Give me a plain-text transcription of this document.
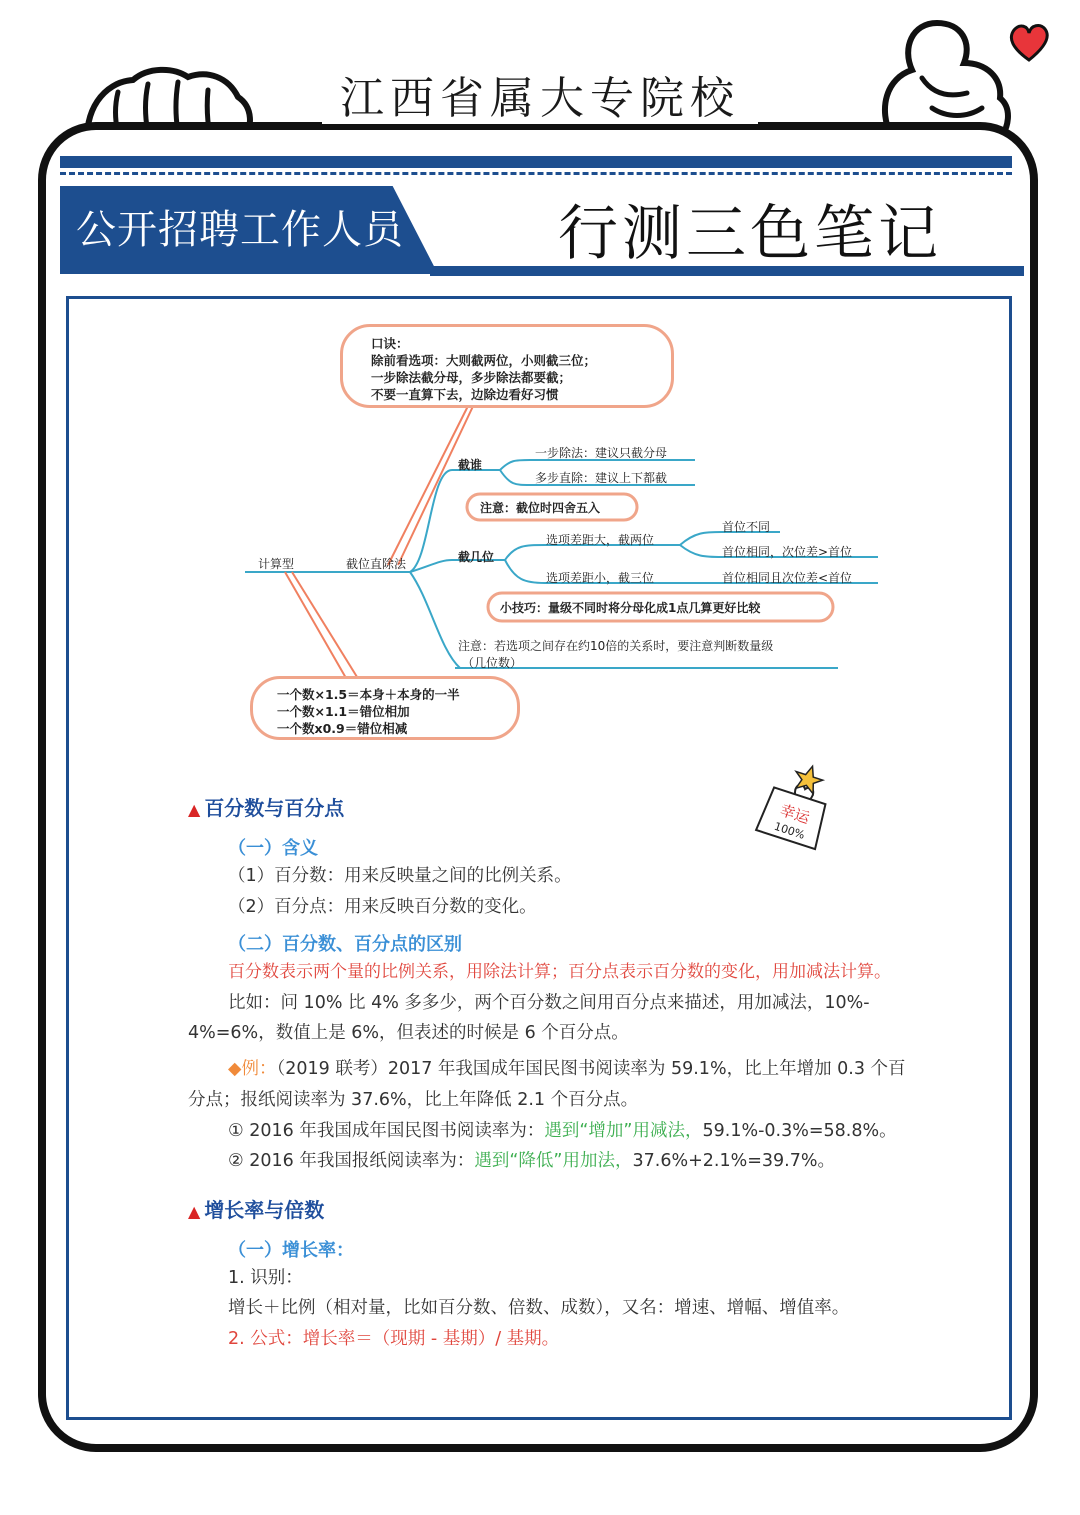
江西省属大专院校
公开招聘工作人员	行测三色笔记
口诀：
除前看选项：大则截两位，小则截三位；
一步除法截分母，多步除法都要截；
不要一直算下去，边除边看好习惯
计算型	截位直除法
截谁
一步除法：建议只截分母
多步直除：建议上下都截
注意：截位时四舍五入
截几位
选项差距大，截两位
选项差距小，截三位
首位不同
首位相同，次位差>首位
首位相同且次位差<首位
小技巧：量级不同时将分母化成1点几算更好比较
注意：若选项之间存在约10倍的关系时，要注意判断数量级
（几位数）
一个数×1.5＝本身＋本身的一半
一个数×1.1＝错位相加
一个数x0.9＝错位相减
幸运
100%
▲ 百分数与百分点
（一）含义
（1）百分数：用来反映量之间的比例关系。
（2）百分点：用来反映百分数的变化。
（二）百分数、百分点的区别
百分数表示两个量的比例关系，用除法计算；百分点表示百分数的变化，用加减法计算。
比如：问 10% 比 4% 多多少，两个百分数之间用百分点来描述，用加减法，10%-
4%=6%，数值上是 6%，但表述的时候是 6 个百分点。
◆例：（2019 联考）2017 年我国成年国民图书阅读率为 59.1%，比上年增加 0.3 个百
分点；报纸阅读率为 37.6%，比上年降低 2.1 个百分点。
① 2016 年我国成年国民图书阅读率为：遇到“增加”用减法，59.1%-0.3%=58.8%。
② 2016 年我国报纸阅读率为：遇到“降低”用加法，37.6%+2.1%=39.7%。
▲ 增长率与倍数
（一）增长率：
1. 识别：
增长＋比例（相对量，比如百分数、倍数、成数），又名：增速、增幅、增值率。
2. 公式：增长率＝（现期 - 基期）/ 基期。
